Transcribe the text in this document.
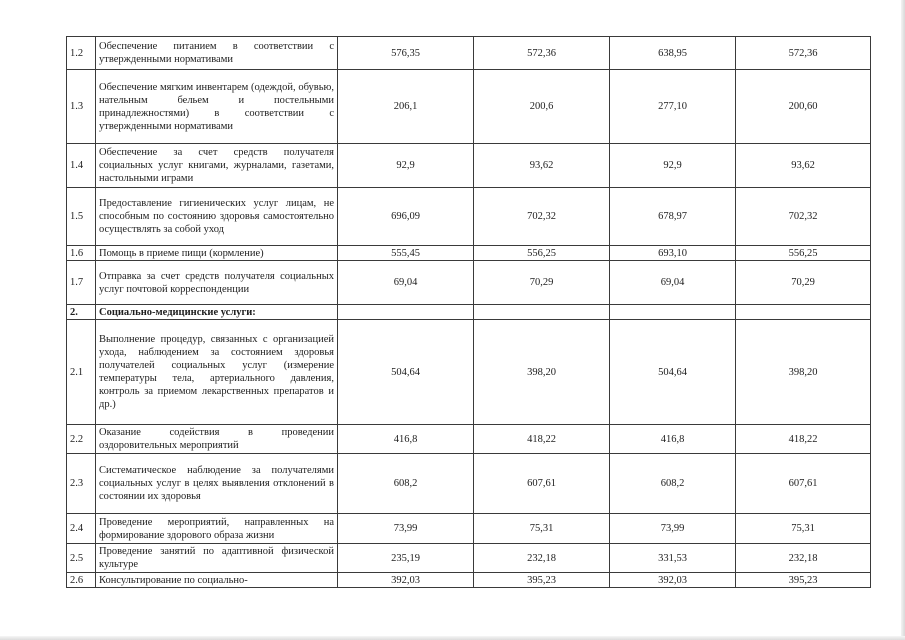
1.2	Обеспечение питанием в соответствии с утвержденными нормативами	576,35	572,36	638,95	572,36
1.3	Обеспечение мягким инвентарем (одеждой, обувью, нательным бельем и постельными принадлежностями) в соответствии с утвержденными нормативами	206,1	200,6	277,10	200,60
1.4	Обеспечение за счет средств получателя социальных услуг книгами, журналами, газетами, настольными играми	92,9	93,62	92,9	93,62
1.5	Предоставление гигиенических услуг лицам, не способным по состоянию здоровья самостоятельно осуществлять за собой уход	696,09	702,32	678,97	702,32
1.6	Помощь в приеме пищи (кормление)	555,45	556,25	693,10	556,25
1.7	Отправка за счет средств получателя социальных услуг почтовой корреспонденции	69,04	70,29	69,04	70,29
2.	Социально-медицинские услуги:				
2.1	Выполнение процедур, связанных с организацией ухода, наблюдением за состоянием здоровья получателей социальных услуг (измерение температуры тела, артериального давления, контроль за приемом лекарственных препаратов и др.)	504,64	398,20	504,64	398,20
2.2	Оказание содействия в проведении оздоровительных мероприятий	416,8	418,22	416,8	418,22
2.3	Систематическое наблюдение за получателями социальных услуг в целях выявления отклонений в состоянии их здоровья	608,2	607,61	608,2	607,61
2.4	Проведение мероприятий, направленных на формирование здорового образа жизни	73,99	75,31	73,99	75,31
2.5	Проведение занятий по адаптивной физической культуре	235,19	232,18	331,53	232,18
2.6	Консультирование по социально-	392,03	395,23	392,03	395,23
